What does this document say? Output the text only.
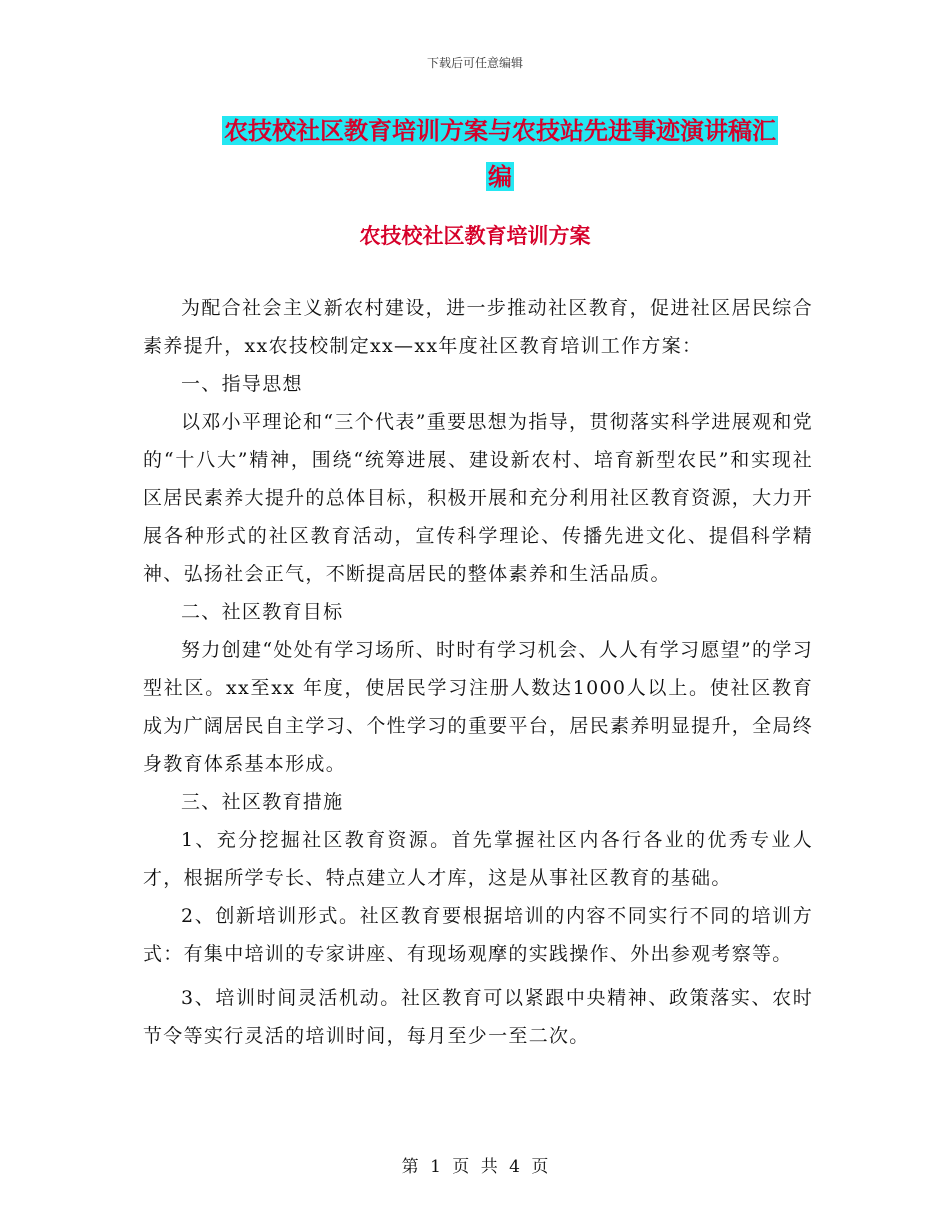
下载后可任意编辑
农技校社区教育培训方案与农技站先进事迹演讲稿汇
编
农技校社区教育培训方案

为配合社会主义新农村建设，进一步推动社区教育，促进社区居民综合素养提升，xx农技校制定xx—xx年度社区教育培训工作方案：

一、指导思想

以邓小平理论和“三个代表”重要思想为指导，贯彻落实科学进展观和党的“十八大”精神，围绕“统筹进展、建设新农村、培育新型农民”和实现社区居民素养大提升的总体目标，积极开展和充分利用社区教育资源，大力开展各种形式的社区教育活动，宣传科学理论、传播先进文化、提倡科学精神、弘扬社会正气，不断提高居民的整体素养和生活品质。

二、社区教育目标

努力创建“处处有学习场所、时时有学习机会、人人有学习愿望”的学习型社区。xx至xx 年度，使居民学习注册人数达1000人以上。使社区教育成为广阔居民自主学习、个性学习的重要平台，居民素养明显提升，全局终身教育体系基本形成。

三、社区教育措施

1、充分挖掘社区教育资源。首先掌握社区内各行各业的优秀专业人才，根据所学专长、特点建立人才库，这是从事社区教育的基础。

2、创新培训形式。社区教育要根据培训的内容不同实行不同的培训方式：有集中培训的专家讲座、有现场观摩的实践操作、外出参观考察等。

3、培训时间灵活机动。社区教育可以紧跟中央精神、政策落实、农时节令等实行灵活的培训时间，每月至少一至二次。

第 1 页 共 4 页
